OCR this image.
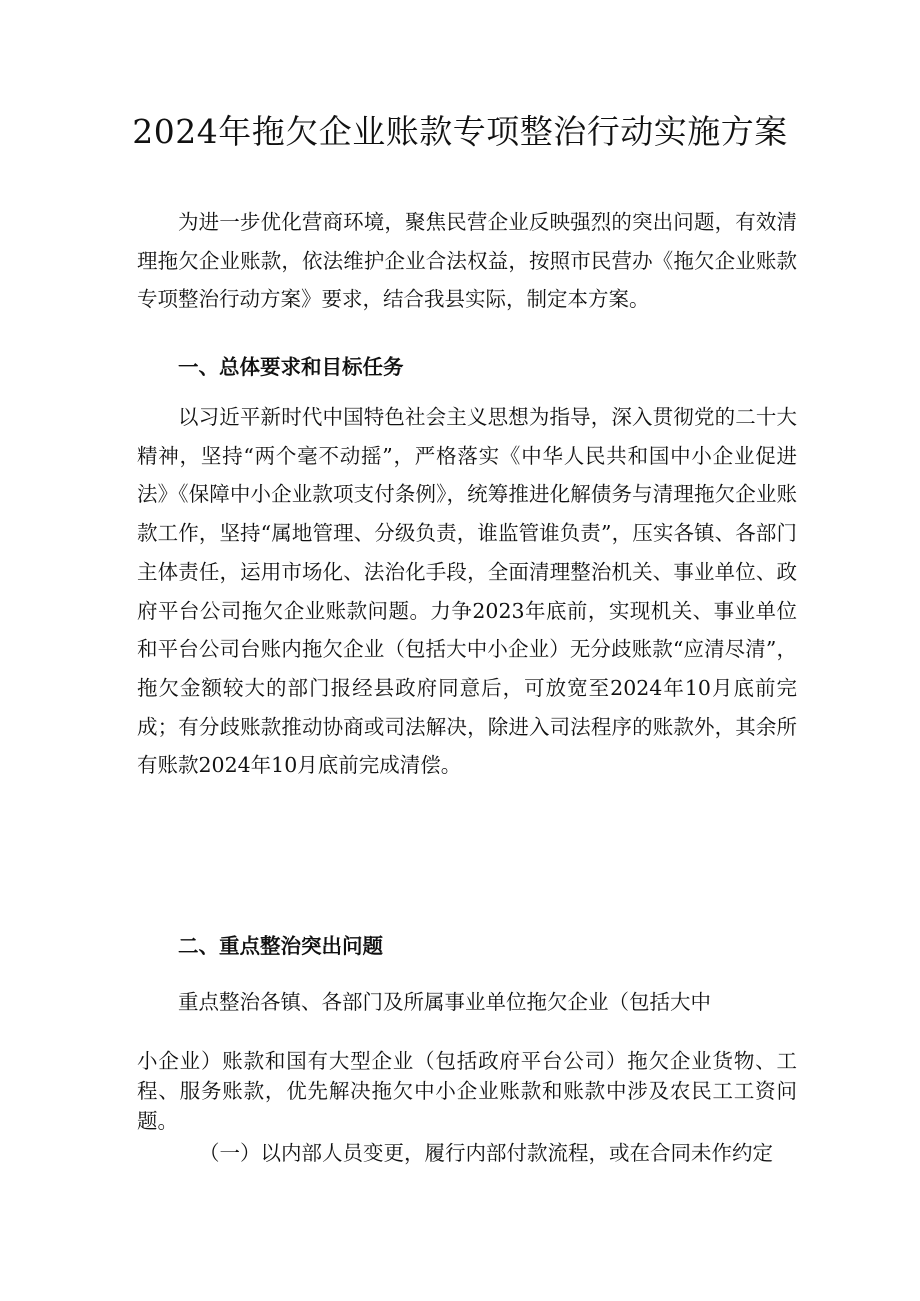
2024年拖欠企业账款专项整治行动实施方案

为进一步优化营商环境，聚焦民营企业反映强烈的突出问题，有效清理拖欠企业账款，依法维护企业合法权益，按照市民营办《拖欠企业账款专项整治行动方案》要求，结合我县实际，制定本方案。

一、总体要求和目标任务

以习近平新时代中国特色社会主义思想为指导，深入贯彻党的二十大精神，坚持“两个毫不动摇”，严格落实《中华人民共和国中小企业促进法》《保障中小企业款项支付条例》，统筹推进化解债务与清理拖欠企业账款工作，坚持“属地管理、分级负责，谁监管谁负责”，压实各镇、各部门主体责任，运用市场化、法治化手段，全面清理整治机关、事业单位、政府平台公司拖欠企业账款问题。力争2023年底前，实现机关、事业单位和平台公司台账内拖欠企业（包括大中小企业）无分歧账款“应清尽清”，拖欠金额较大的部门报经县政府同意后，可放宽至2024年10月底前完成；有分歧账款推动协商或司法解决，除进入司法程序的账款外，其余所有账款2024年10月底前完成清偿。

二、重点整治突出问题

重点整治各镇、各部门及所属事业单位拖欠企业（包括大中

小企业）账款和国有大型企业（包括政府平台公司）拖欠企业货物、工程、服务账款，优先解决拖欠中小企业账款和账款中涉及农民工工资问题。

（一）以内部人员变更，履行内部付款流程，或在合同未作约定
